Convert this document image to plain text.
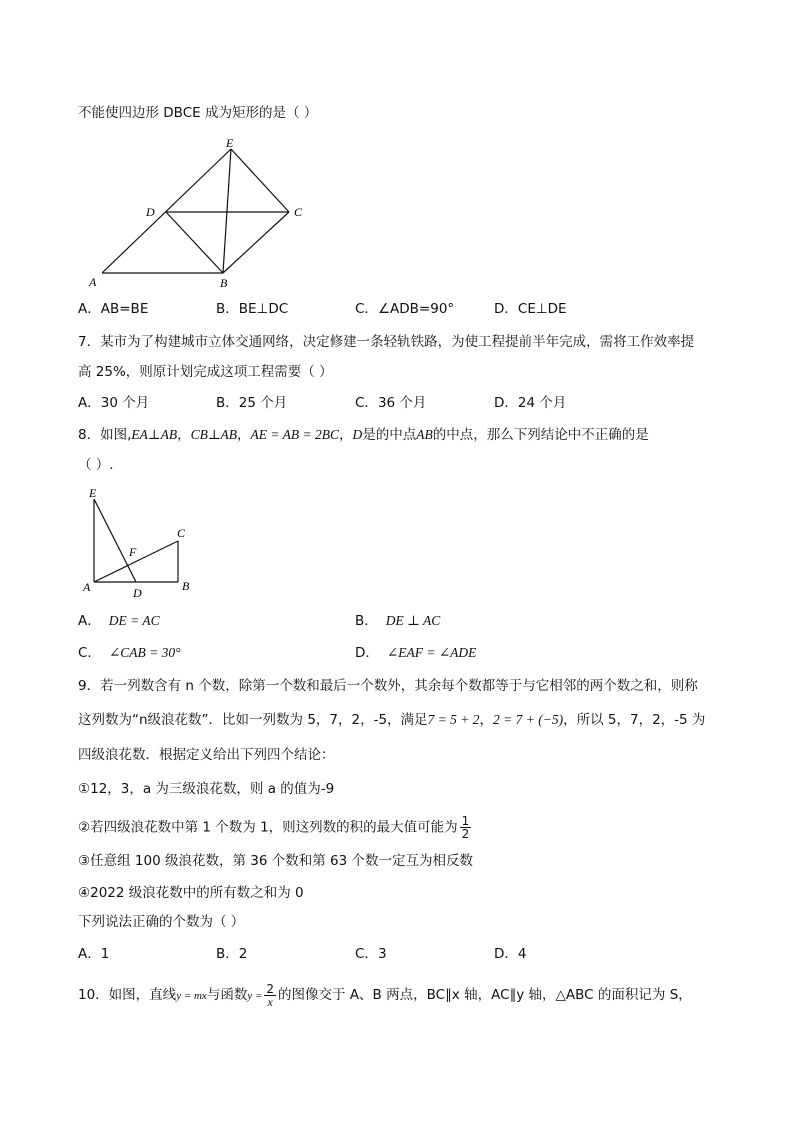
不能使四边形 DBCE 成为矩形的是（ ）
E
D	C
A	B
A．AB=BE	B．BE⊥DC	C．∠ADB=90°	D．CE⊥DE
7．某市为了构建城市立体交通网络，决定修建一条轻轨铁路，为使工程提前半年完成，需将工作效率提
高 25%，则原计划完成这项工程需要（ ）
A．30 个月	B．25 个月	C．36 个月	D．24 个月
8．如图,EA⊥AB，CB⊥AB，AE = AB = 2BC，D是的中点AB的中点，那么下列结论中不正确的是
（ ）.
E
C
F
A	D	B
A． DE = AC	B． DE ⊥ AC
C． ∠CAB = 30°	D． ∠EAF = ∠ADE
9．若一列数含有 n 个数，除第一个数和最后一个数外，其余每个数都等于与它相邻的两个数之和，则称
这列数为“n级浪花数”．比如一列数为 5，7，2，-5，满足7 = 5 + 2，2 = 7 + (−5)，所以 5，7，2，-5 为
四级浪花数．根据定义给出下列四个结论：
①12，3，a 为三级浪花数，则 a 的值为-9
②若四级浪花数中第 1 个数为 1，则这列数的积的最大值可能为 $\frac{1}{2}$
③任意组 100 级浪花数，第 36 个数和第 63 个数一定互为相反数
④2022 级浪花数中的所有数之和为 0
下列说法正确的个数为（ ）
A．1	B．2	C．3	D．4
10．如图，直线y = mx与函数$y = \frac{2}{x}$ 的图像交于 A、B 两点，BC∥x 轴，AC∥y 轴，△ABC 的面积记为 S，
